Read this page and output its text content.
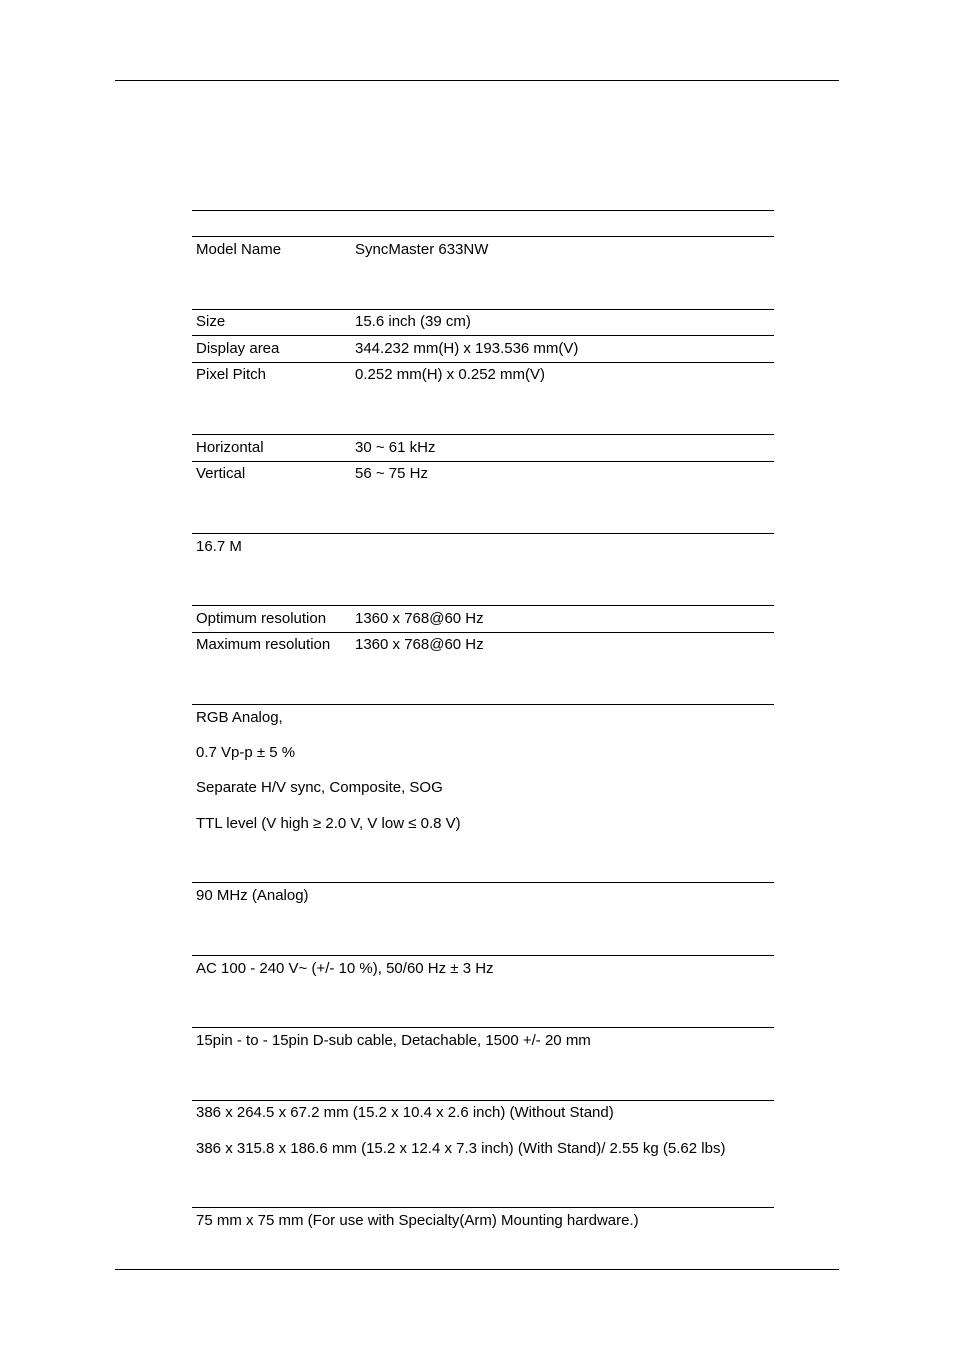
Model Name	SyncMaster 633NW
Size	15.6 inch (39 cm)
Display area	344.232 mm(H) x 193.536 mm(V)
Pixel Pitch	0.252 mm(H) x 0.252 mm(V)
Horizontal	30 ~ 61 kHz
Vertical	56 ~ 75 Hz
16.7 M
Optimum resolution 1360 x 768@60 Hz
Maximum resolution 1360 x 768@60 Hz
RGB Analog,
0.7 Vp-p ± 5 %
Separate H/V sync, Composite, SOG
TTL level (V high ≥ 2.0 V, V low ≤ 0.8 V)
90 MHz (Analog)
AC 100 - 240 V~ (+/- 10 %), 50/60 Hz ± 3 Hz
15pin - to - 15pin D-sub cable, Detachable, 1500 +/- 20 mm
386 x 264.5 x 67.2 mm (15.2 x 10.4 x 2.6 inch) (Without Stand)
386 x 315.8 x 186.6 mm (15.2 x 12.4 x 7.3 inch) (With Stand)/ 2.55 kg (5.62 lbs)
75 mm x 75 mm (For use with Specialty(Arm) Mounting hardware.)
